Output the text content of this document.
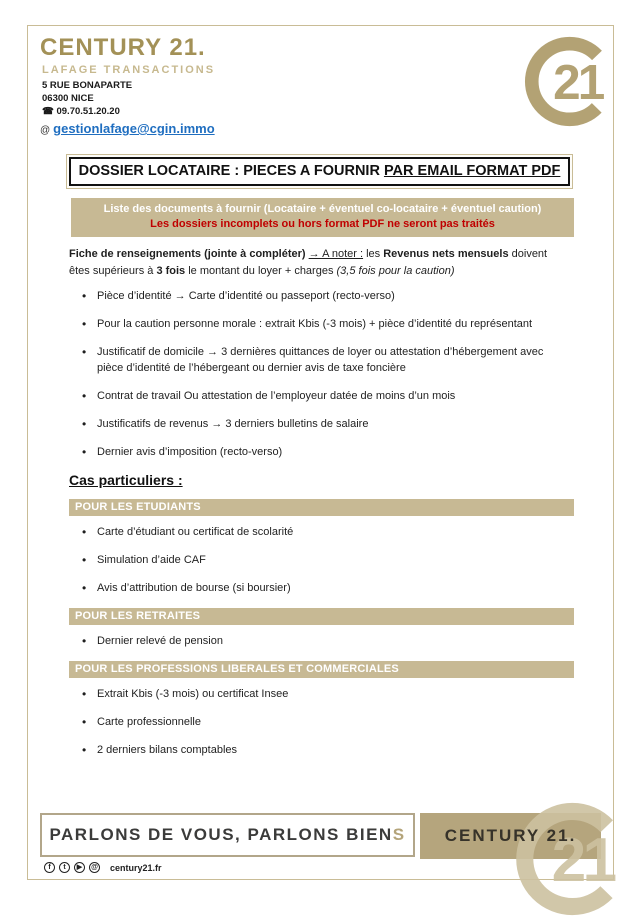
CENTURY 21.
LAFAGE TRANSACTIONS
5 RUE BONAPARTE
06300 NICE
☎ 09.70.51.20.20
@ gestionlafage@cgin.immo
21
DOSSIER LOCATAIRE : PIECES A FOURNIR PAR EMAIL FORMAT PDF
Liste des documents à fournir (Locataire + éventuel co-locataire + éventuel caution)
Les dossiers incomplets ou hors format PDF ne seront pas traités

Fiche de renseignements (jointe à compléter) → A noter : les Revenus nets mensuels doivent êtes supérieurs à 3 fois le montant du loyer + charges (3,5 fois pour la caution)

• Pièce d’identité → Carte d’identité ou passeport (recto-verso)
• Pour la caution personne morale : extrait Kbis (-3 mois) + pièce d’identité du représentant
• Justificatif de domicile → 3 dernières quittances de loyer ou attestation d’hébergement avec pièce d’identité de l’hébergeant ou dernier avis de taxe foncière
• Contrat de travail Ou attestation de l’employeur datée de moins d’un mois
• Justificatifs de revenus → 3 derniers bulletins de salaire
• Dernier avis d’imposition (recto-verso)
Cas particuliers :
POUR LES ETUDIANTS
• Carte d’étudiant ou certificat de scolarité
• Simulation d’aide CAF
• Avis d’attribution de bourse (si boursier)
POUR LES RETRAITES
• Dernier relevé de pension
POUR LES PROFESSIONS LIBERALES ET COMMERCIALES
• Extrait Kbis (-3 mois) ou certificat Insee
• Carte professionnelle
• 2 derniers bilans comptables
PARLONS DE VOUS, PARLONS BIENS CENTURY 21.
21
f	t	▶	@ century21.fr
